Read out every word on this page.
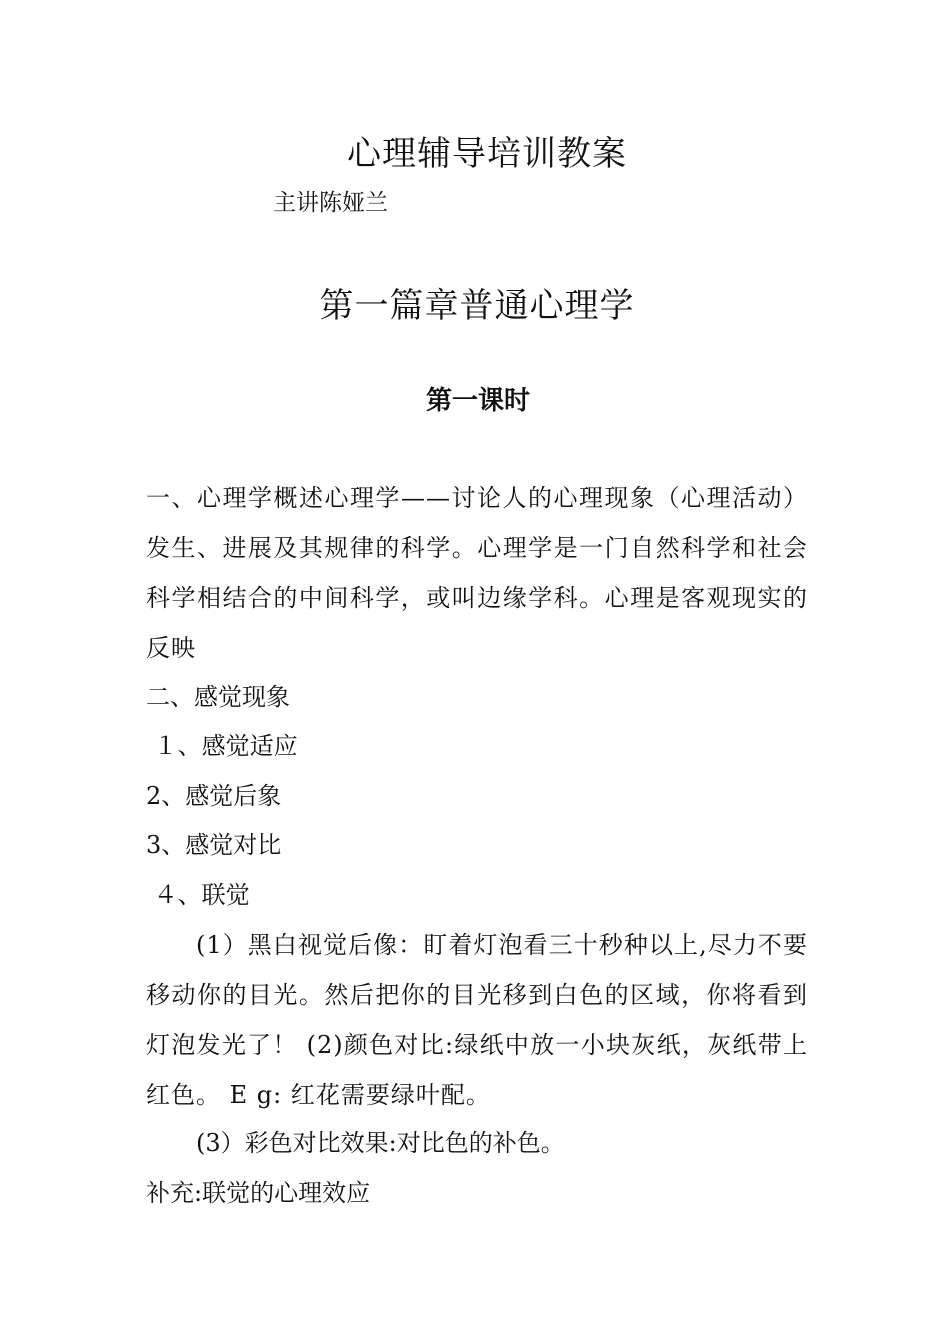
心理辅导培训教案
主讲陈娅兰
第一篇章普通心理学
第一课时
一、心理学概述心理学——讨论人的心理现象（心理活动）发生、进展及其规律的科学。心理学是一门自然科学和社会科学相结合的中间科学，或叫边缘学科。心理是客观现实的反映
二、感觉现象
１、感觉适应
2、感觉后象
3、感觉对比
４、联觉
(1）黑白视觉后像：盯着灯泡看三十秒种以上,尽力不要移动你的目光。然后把你的目光移到白色的区域，你将看到灯泡发光了！ (2)颜色对比:绿纸中放一小块灰纸，灰纸带上红色。 E g: 红花需要绿叶配。
(3）彩色对比效果:对比色的补色。
补充:联觉的心理效应
